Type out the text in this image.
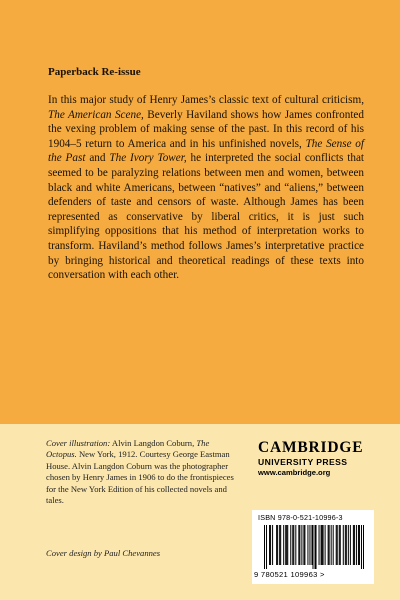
Paperback Re-issue

In this major study of Henry James’s classic text of cultural criticism, The American Scene, Beverly Haviland shows how James confronted the vexing problem of making sense of the past. In this record of his 1904–5 return to America and in his unfinished novels, The Sense of the Past and The Ivory Tower, he interpreted the social conflicts that seemed to be paralyzing relations between men and women, between black and white Americans, between “natives” and “aliens,” between defenders of taste and censors of waste. Although James has been represented as conservative by liberal critics, it is just such simplifying oppositions that his method of interpretation works to transform. Haviland’s method follows James’s interpretative practice by bringing historical and theoretical readings of these texts into conversation with each other.

Cover illustration: Alvin Langdon Coburn, The Octopus. New York, 1912. Courtesy George Eastman House. Alvin Langdon Coburn was the photographer chosen by Henry James in 1906 to do the frontispieces for the New York Edition of his collected novels and tales.
Cover design by Paul Chevannes
CAMBRIDGE
UNIVERSITY PRESS
www.cambridge.org
ISBN 978-0-521-10996-3
9 780521 109963 >
